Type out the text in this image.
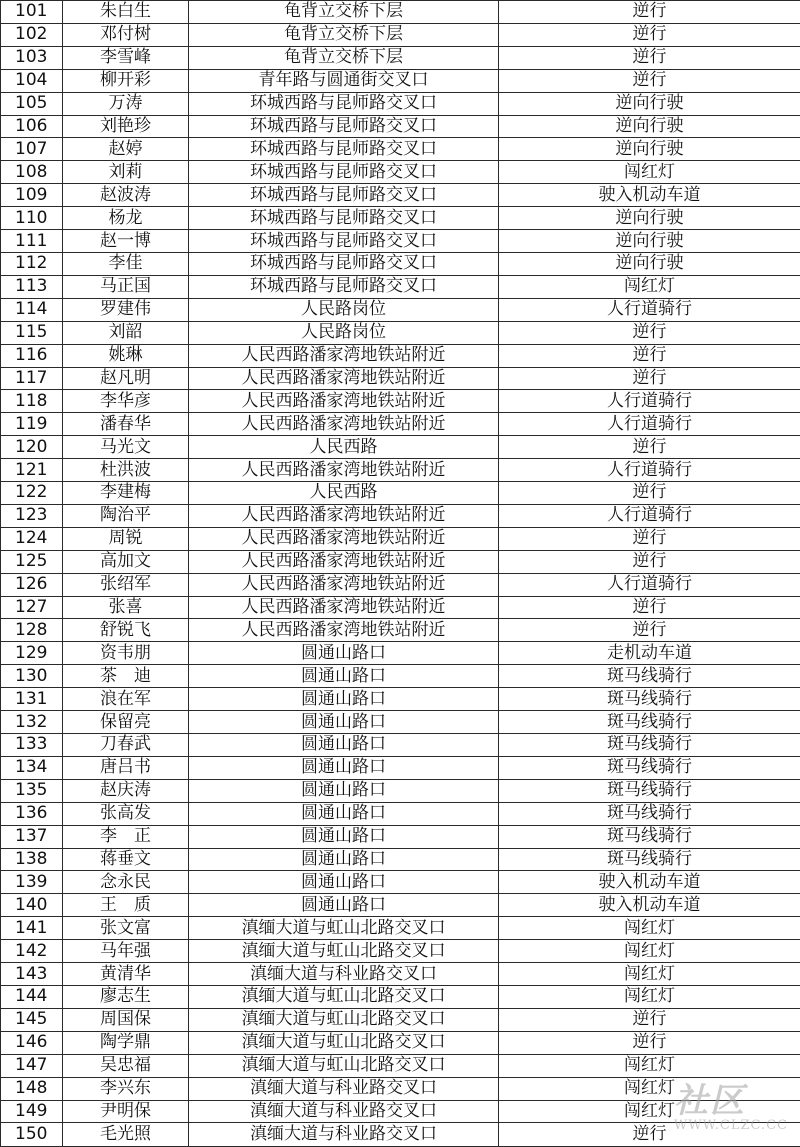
101	朱白生	龟背立交桥下层	逆行
102	邓付树	龟背立交桥下层	逆行
103	李雪峰	龟背立交桥下层	逆行
104	柳开彩	青年路与圆通街交叉口	逆行
105	万涛	环城西路与昆师路交叉口	逆向行驶
106	刘艳珍	环城西路与昆师路交叉口	逆向行驶
107	赵婷	环城西路与昆师路交叉口	逆向行驶
108	刘莉	环城西路与昆师路交叉口	闯红灯
109	赵波涛	环城西路与昆师路交叉口	驶入机动车道
110	杨龙	环城西路与昆师路交叉口	逆向行驶
111	赵一博	环城西路与昆师路交叉口	逆向行驶
112	李佳	环城西路与昆师路交叉口	逆向行驶
113	马正国	环城西路与昆师路交叉口	闯红灯
114	罗建伟	人民路岗位	人行道骑行
115	刘韶	人民路岗位	逆行
116	姚琳	人民西路潘家湾地铁站附近	逆行
117	赵凡明	人民西路潘家湾地铁站附近	逆行
118	李华彦	人民西路潘家湾地铁站附近	人行道骑行
119	潘春华	人民西路潘家湾地铁站附近	人行道骑行
120	马光文	人民西路	逆行
121	杜洪波	人民西路潘家湾地铁站附近	人行道骑行
122	李建梅	人民西路	逆行
123	陶治平	人民西路潘家湾地铁站附近	人行道骑行
124	周锐	人民西路潘家湾地铁站附近	逆行
125	高加文	人民西路潘家湾地铁站附近	逆行
126	张绍军	人民西路潘家湾地铁站附近	人行道骑行
127	张喜	人民西路潘家湾地铁站附近	逆行
128	舒锐飞	人民西路潘家湾地铁站附近	逆行
129	资韦朋	圆通山路口	走机动车道
130	茶　迪	圆通山路口	斑马线骑行
131	浪在军	圆通山路口	斑马线骑行
132	保留亮	圆通山路口	斑马线骑行
133	刀春武	圆通山路口	斑马线骑行
134	唐吕书	圆通山路口	斑马线骑行
135	赵庆涛	圆通山路口	斑马线骑行
136	张高发	圆通山路口	斑马线骑行
137	李　正	圆通山路口	斑马线骑行
138	蒋垂文	圆通山路口	斑马线骑行
139	念永民	圆通山路口	驶入机动车道
140	王　质	圆通山路口	驶入机动车道
141	张文富	滇缅大道与虹山北路交叉口	闯红灯
142	马年强	滇缅大道与虹山北路交叉口	闯红灯
143	黄清华	滇缅大道与科业路交叉口	闯红灯
144	廖志生	滇缅大道与虹山北路交叉口	闯红灯
145	周国保	滇缅大道与虹山北路交叉口	逆行
146	陶学鼎	滇缅大道与虹山北路交叉口	逆行
147	吴忠福	滇缅大道与虹山北路交叉口	闯红灯
148	李兴东	滇缅大道与科业路交叉口	闯红灯
149	尹明保	滇缅大道与科业路交叉口	闯红灯
150	毛光照	滇缅大道与科业路交叉口	逆行
社区
WWW.CLZC.CC
